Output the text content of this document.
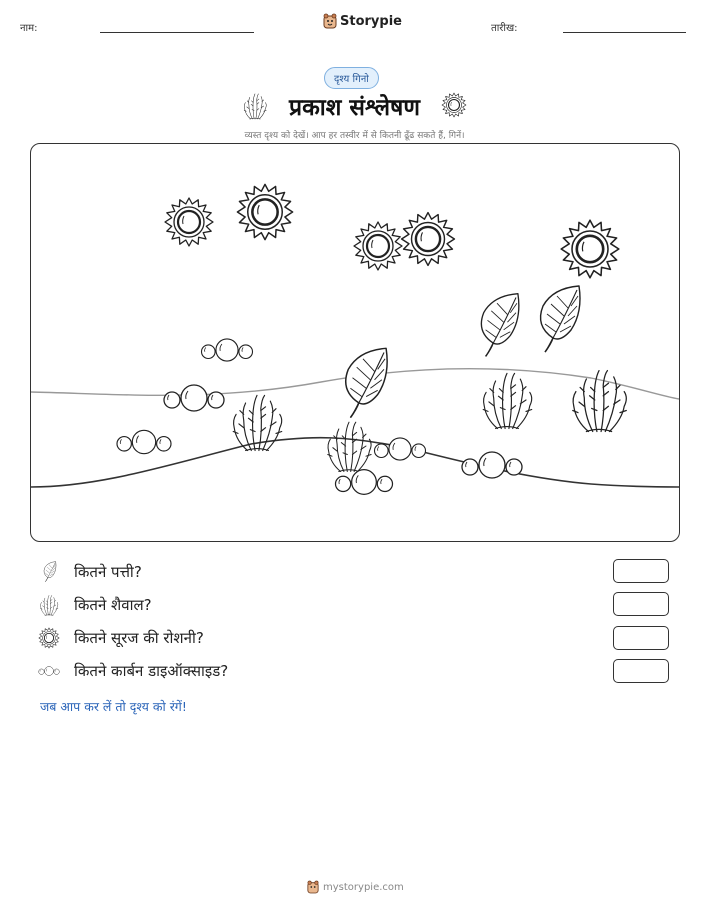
नाम:	Storypie	तारीख:
दृश्य गिनो
प्रकाश संश्लेषण
व्यस्त दृश्य को देखें। आप हर तस्वीर में से कितनी ढूँढ सकते हैं, गिनें।
कितने पत्ती?
कितने शैवाल?
कितने सूरज की रोशनी?
कितने कार्बन डाइऑक्साइड?
जब आप कर लें तो दृश्य को रंगें!
mystorypie.com
